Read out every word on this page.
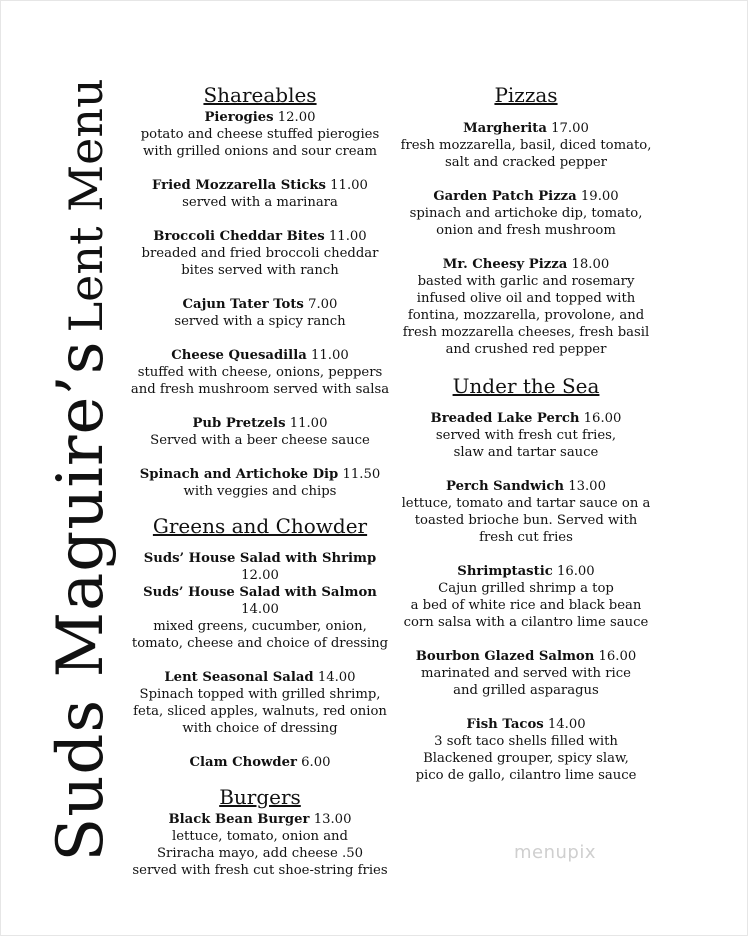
Suds Maguire’sLent Menu	Shareables
Pierogies 12.00
potato and cheese stuffed pierogies
with grilled onions and sour cream
Fried Mozzarella Sticks 11.00
served with a marinara
Broccoli Cheddar Bites 11.00
breaded and fried broccoli cheddar
bites served with ranch
Cajun Tater Tots 7.00
served with a spicy ranch
Cheese Quesadilla 11.00
stuffed with cheese, onions, peppers
and fresh mushroom served with salsa
Pub Pretzels 11.00
Served with a beer cheese sauce
Spinach and Artichoke Dip 11.50
with veggies and chips
Greens and Chowder
Suds’ House Salad with Shrimp 12.00
Suds’ House Salad with Salmon 14.00
mixed greens, cucumber, onion,
tomato, cheese and choice of dressing
Lent Seasonal Salad 14.00
Spinach topped with grilled shrimp,
feta, sliced apples, walnuts, red onion
with choice of dressing
Clam Chowder 6.00
Burgers
Black Bean Burger 13.00
lettuce, tomato, onion and
Sriracha mayo, add cheese .50
served with fresh cut shoe-string fries
Pizzas
Margherita 17.00
fresh mozzarella, basil, diced tomato,
salt and cracked pepper
Garden Patch Pizza 19.00
spinach and artichoke dip, tomato,
onion and fresh mushroom
Mr. Cheesy Pizza 18.00
basted with garlic and rosemary
infused olive oil and topped with
fontina, mozzarella, provolone, and
fresh mozzarella cheeses, fresh basil
and crushed red pepper
Under the Sea
Breaded Lake Perch 16.00
served with fresh cut fries,
slaw and tartar sauce
Perch Sandwich 13.00
lettuce, tomato and tartar sauce on a
toasted brioche bun. Served with
fresh cut fries
Shrimptastic 16.00
Cajun grilled shrimp a top
a bed of white rice and black bean
corn salsa with a cilantro lime sauce
Bourbon Glazed Salmon 16.00
marinated and served with rice
and grilled asparagus
Fish Tacos 14.00
3 soft taco shells filled with
Blackened grouper, spicy slaw,
pico de gallo, cilantro lime sauce
menupix
